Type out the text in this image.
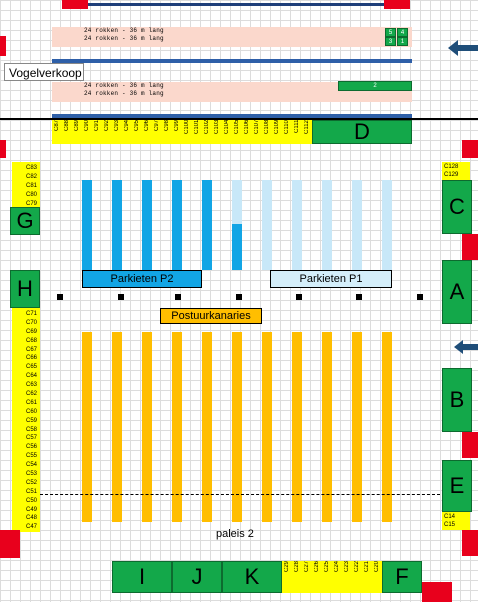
24 rokken - 36 m lang
24 rokken - 36 m lang
5	4
3	1
Vogelverkoop
24 rokken - 36 m lang
24 rokken - 36 m lang
2
C87 C88 C89 C90 C91 C92 C93 C94 C95 C96 C97 C98 C99 C100 C101 C102 C103 C104 C105 C106 C107 C108 C109 C110 C111 C112	D
C83
C82
C81
C80
C79
G
C128
C129
C
Parkieten P2	Parkieten P1
H	A
Postuurkanaries
C71
C70
C69
C68
C67
C66
C65
C64
C63
C62
C61
C60
C59
C58
C57
C56
C55
C54
C53
C52
C51
C50
C49
C48
C47
B
E
C14
C15
paleis 2
I	J	K	C29 C28 C27 C26 C25 C24 C23 C22 C21 C20 F
